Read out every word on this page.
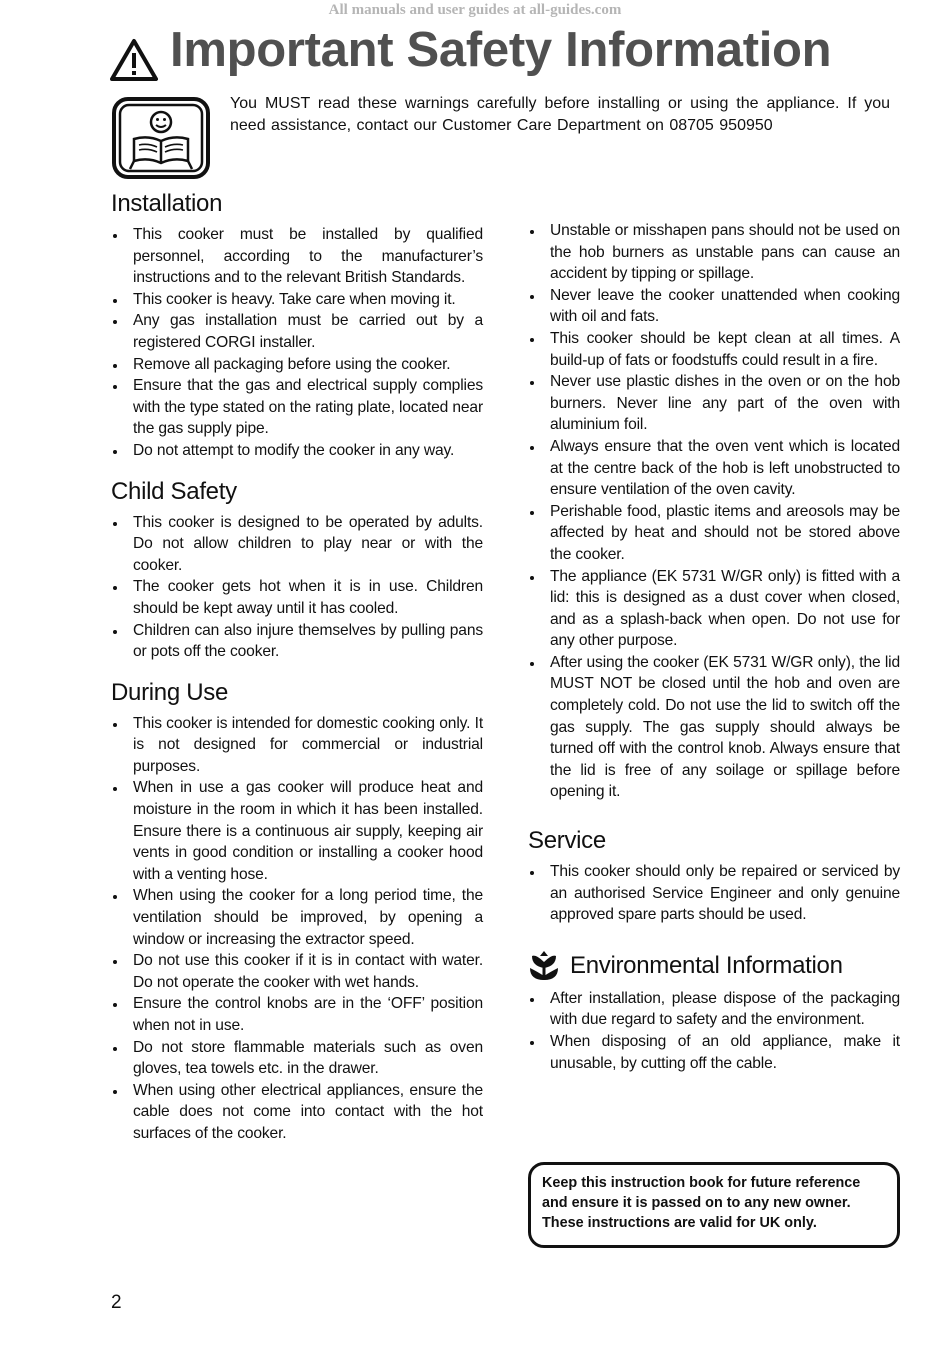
All manuals and user guides at all-guides.com
Important Safety Information

You MUST read these warnings carefully before installing or using the appliance. If you need assistance, contact our Customer Care Department on 08705 950950

Installation
This cooker must be installed by qualified personnel, according to the manufacturer’s instructions and to the relevant British Standards.
This cooker is heavy. Take care when moving it.
Any gas installation must be carried out by a registered CORGI installer.
Remove all packaging before using the cooker.
Ensure that the gas and electrical supply complies with the type stated on the rating plate, located near the gas supply pipe.
Do not attempt to modify the cooker in any way.
Child Safety
This cooker is designed to be operated by adults. Do not allow children to play near or with the cooker.
The cooker gets hot when it is in use. Children should be kept away until it has cooled.
Children can also injure themselves by pulling pans or pots off the cooker.
During Use
This cooker is intended for domestic cooking only. It is not designed for commercial or industrial purposes.
When in use a gas cooker will produce heat and moisture in the room in which it has been installed. Ensure there is a continuous air supply, keeping air vents in good condition or installing a cooker hood with a venting hose.
When using the cooker for a long period time, the ventilation should be improved, by opening a window or increasing the extractor speed.
Do not use this cooker if it is in contact with water. Do not operate the cooker with wet hands.
Ensure the control knobs are in the ‘OFF’ position when not in use.
Do not store flammable materials such as oven gloves, tea towels etc. in the drawer.
When using other electrical appliances, ensure the cable does not come into contact with the hot surfaces of the cooker.
Unstable or misshapen pans should not be used on the hob burners as unstable pans can cause an accident by tipping or spillage.
Never leave the cooker unattended when cooking with oil and fats.
This cooker should be kept clean at all times. A build-up of fats or foodstuffs could result in a fire.
Never use plastic dishes in the oven or on the hob burners. Never line any part of the oven with aluminium foil.
Always ensure that the oven vent which is located at the centre back of the hob is left unobstructed to ensure ventilation of the oven cavity.
Perishable food, plastic items and areosols may be affected by heat and should not be stored above the cooker.
The appliance (EK 5731 W/GR only) is fitted with a lid: this is designed as a dust cover when closed, and as a splash-back when open. Do not use for any other purpose.
After using the cooker (EK 5731 W/GR only), the lid MUST NOT be closed until the hob and oven are completely cold. Do not use the lid to switch off the gas supply. The gas supply should always be turned off with the control knob. Always ensure that the lid is free of any soilage or spillage before opening it.
Service
This cooker should only be repaired or serviced by an authorised Service Engineer and only genuine approved spare parts should be used.
Environmental Information
After installation, please dispose of the packaging with due regard to safety and the environment.
When disposing of an old appliance, make it unusable, by cutting off the cable.

Keep this instruction book for future reference

and ensure it is passed on to any new owner.

These instructions are valid for UK only.

2
